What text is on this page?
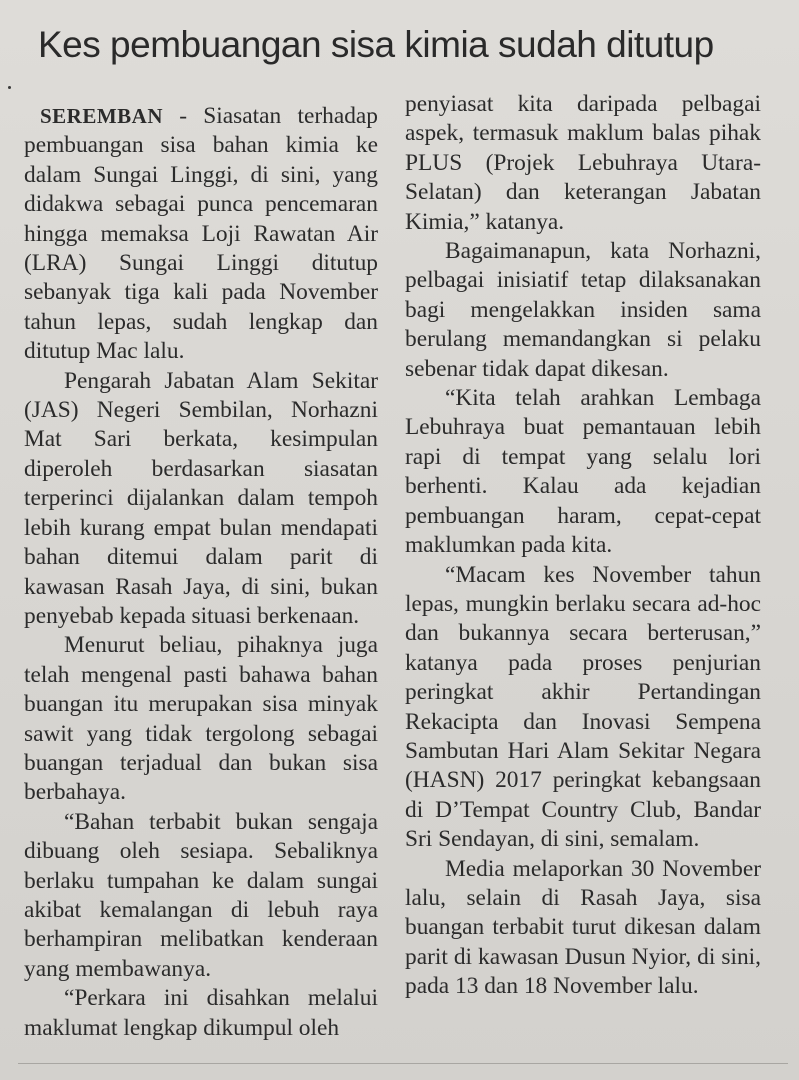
Kes pembuangan sisa kimia sudah ditutup

SEREMBAN - Siasatan terhadap pembuangan sisa bahan kimia ke dalam Sungai Linggi, di sini, yang didakwa sebagai punca pencemaran hingga memaksa Loji Rawatan Air (LRA) Sungai Linggi ditutup sebanyak tiga kali pada November tahun lepas, sudah lengkap dan ditutup Mac lalu.

Pengarah Jabatan Alam Sekitar (JAS) Negeri Sembilan, Norhazni Mat Sari berkata, kesimpulan diperoleh berdasarkan siasatan terperinci dijalankan dalam tempoh lebih kurang empat bulan mendapati bahan ditemui dalam parit di kawasan Rasah Jaya, di sini, bukan penyebab kepada situasi berkenaan.

Menurut beliau, pihaknya juga telah mengenal pasti bahawa bahan buangan itu merupakan sisa minyak sawit yang tidak tergolong sebagai buangan terjadual dan bukan sisa berbahaya.

“Bahan terbabit bukan sengaja dibuang oleh sesiapa. Sebaliknya berlaku tumpahan ke dalam sungai akibat kemalangan di lebuh raya berhampiran melibatkan kenderaan yang membawanya.

“Perkara ini disahkan melalui maklumat lengkap dikumpul oleh

penyiasat kita daripada pelbagai aspek, termasuk maklum balas pihak PLUS (Projek Lebuhraya Utara-Selatan) dan keterangan Jabatan Kimia,” katanya.

Bagaimanapun, kata Norhazni, pelbagai inisiatif tetap dilaksanakan bagi mengelakkan insiden sama berulang memandangkan si pelaku sebenar tidak dapat dikesan.

“Kita telah arahkan Lembaga Lebuhraya buat pemantauan lebih rapi di tempat yang selalu lori berhenti. Kalau ada kejadian pembuangan haram, cepat-cepat maklumkan pada kita.

“Macam kes November tahun lepas, mungkin berlaku secara ad-hoc dan bukannya secara berterusan,” katanya pada proses penjurian peringkat akhir Pertandingan Rekacipta dan Inovasi Sempena Sambutan Hari Alam Sekitar Negara (HASN) 2017 peringkat kebangsaan di D’Tempat Country Club, Bandar Sri Sendayan, di sini, semalam.

Media melaporkan 30 November lalu, selain di Rasah Jaya, sisa buangan terbabit turut dikesan dalam parit di kawasan Dusun Nyior, di sini, pada 13 dan 18 November lalu.
